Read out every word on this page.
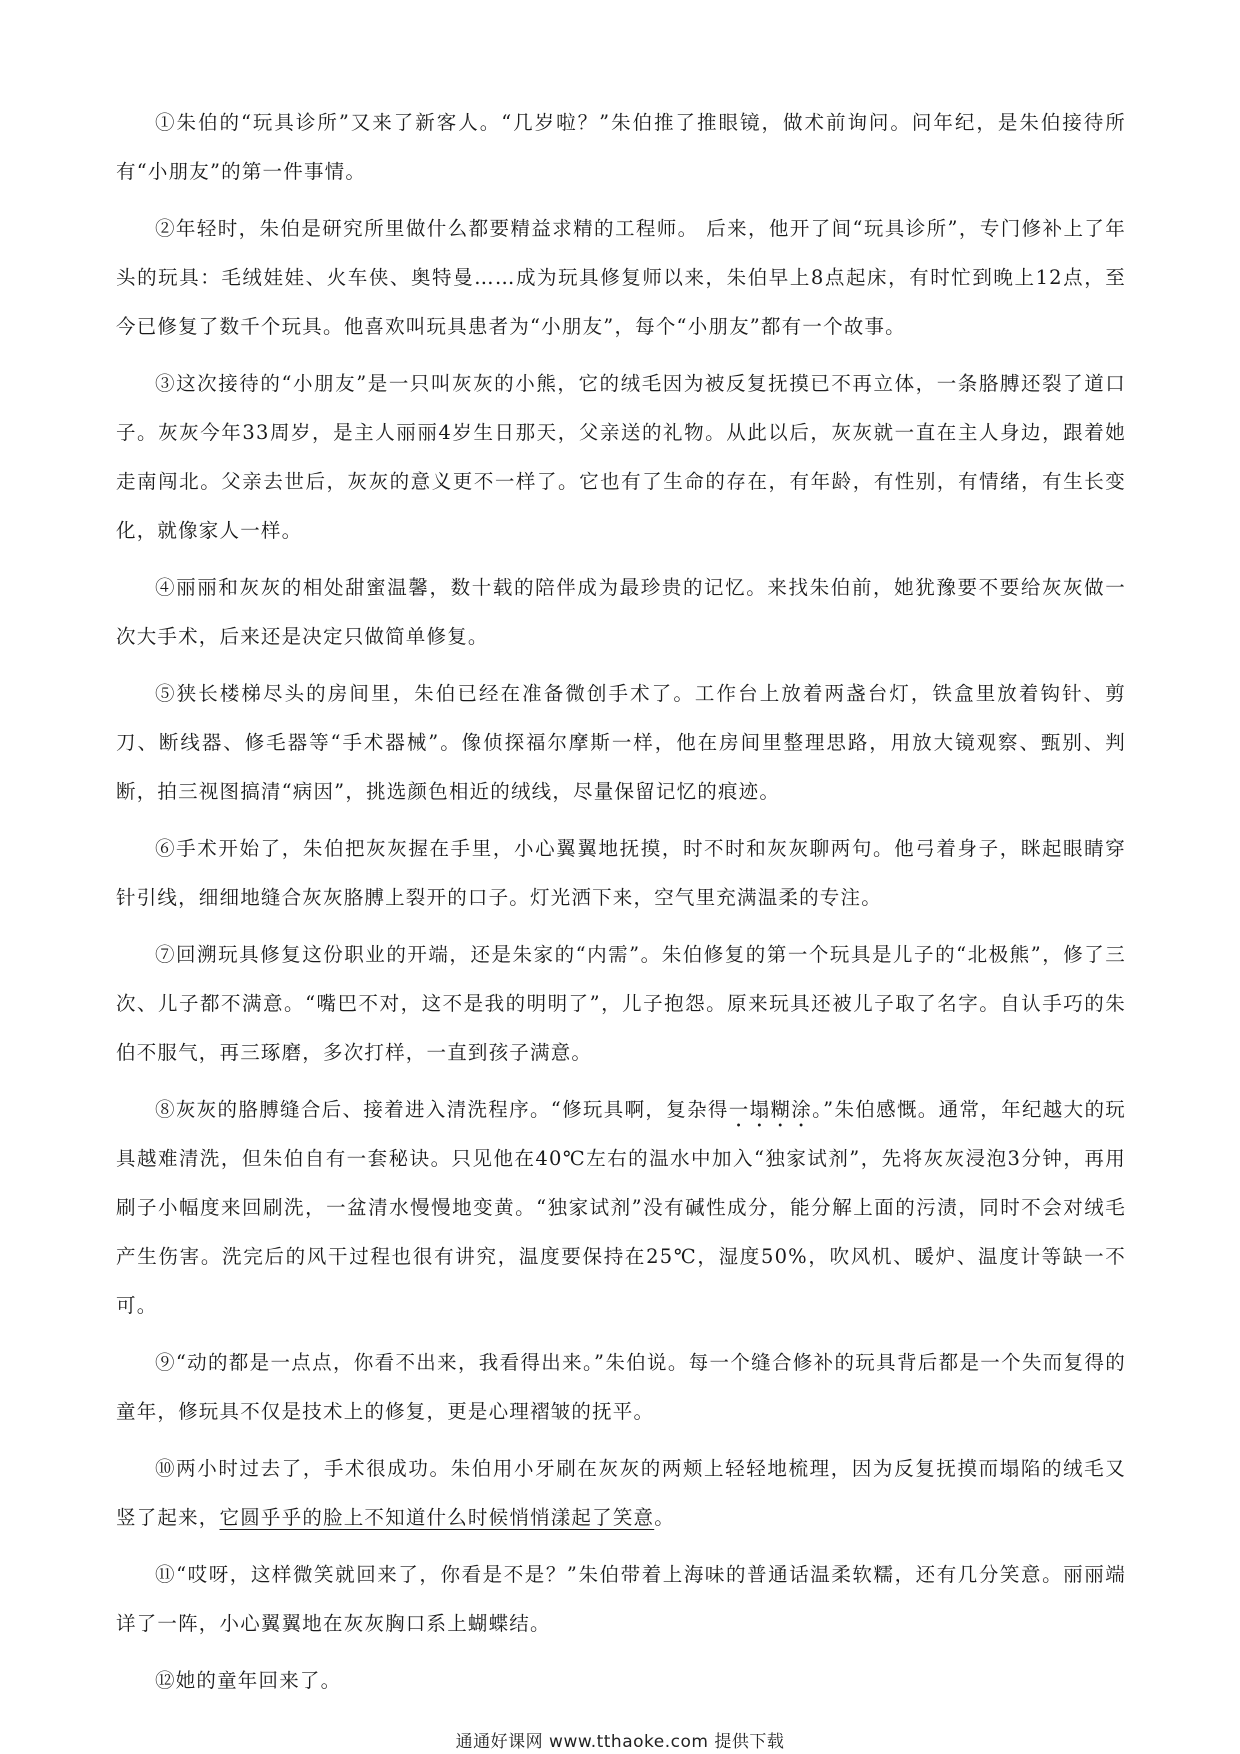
①朱伯的“玩具诊所”又来了新客人。“几岁啦？”朱伯推了推眼镜，做术前询问。问年纪，是朱伯接待所有“小朋友”的第一件事情。

②年轻时，朱伯是研究所里做什么都要精益求精的工程师。 后来，他开了间“玩具诊所”，专门修补上了年头的玩具：毛绒娃娃、火车侠、奥特曼……成为玩具修复师以来，朱伯早上8点起床，有时忙到晚上12点，至今已修复了数千个玩具。他喜欢叫玩具患者为“小朋友”，每个“小朋友”都有一个故事。

③这次接待的“小朋友”是一只叫灰灰的小熊，它的绒毛因为被反复抚摸已不再立体，一条胳膊还裂了道口子。灰灰今年33周岁，是主人丽丽4岁生日那天，父亲送的礼物。从此以后，灰灰就一直在主人身边，跟着她走南闯北。父亲去世后，灰灰的意义更不一样了。它也有了生命的存在，有年龄，有性别，有情绪，有生长变化，就像家人一样。

④丽丽和灰灰的相处甜蜜温馨，数十载的陪伴成为最珍贵的记忆。来找朱伯前，她犹豫要不要给灰灰做一次大手术，后来还是决定只做简单修复。

⑤狭长楼梯尽头的房间里，朱伯已经在准备微创手术了。工作台上放着两盏台灯，铁盒里放着钩针、剪刀、断线器、修毛器等“手术器械”。像侦探福尔摩斯一样，他在房间里整理思路，用放大镜观察、甄别、判断，拍三视图搞清“病因”，挑选颜色相近的绒线，尽量保留记忆的痕迹。

⑥手术开始了，朱伯把灰灰握在手里，小心翼翼地抚摸，时不时和灰灰聊两句。他弓着身子，眯起眼睛穿针引线，细细地缝合灰灰胳膊上裂开的口子。灯光洒下来，空气里充满温柔的专注。

⑦回溯玩具修复这份职业的开端，还是朱家的“内需”。朱伯修复的第一个玩具是儿子的“北极熊”，修了三次、儿子都不满意。“嘴巴不对，这不是我的明明了”，儿子抱怨。原来玩具还被儿子取了名字。自认手巧的朱伯不服气，再三琢磨，多次打样，一直到孩子满意。

⑧灰灰的胳膊缝合后、接着进入清洗程序。“修玩具啊，复杂得一塌糊涂。”朱伯感慨。通常，年纪越大的玩具越难清洗，但朱伯自有一套秘诀。只见他在40℃左右的温水中加入“独家试剂”，先将灰灰浸泡3分钟，再用刷子小幅度来回刷洗，一盆清水慢慢地变黄。“独家试剂”没有碱性成分，能分解上面的污渍，同时不会对绒毛产生伤害。洗完后的风干过程也很有讲究，温度要保持在25℃，湿度50%，吹风机、暖炉、温度计等缺一不可。

⑨“动的都是一点点，你看不出来，我看得出来。”朱伯说。每一个缝合修补的玩具背后都是一个失而复得的童年，修玩具不仅是技术上的修复，更是心理褶皱的抚平。

⑩两小时过去了，手术很成功。朱伯用小牙刷在灰灰的两颊上轻轻地梳理，因为反复抚摸而塌陷的绒毛又竖了起来，它圆乎乎的脸上不知道什么时候悄悄漾起了笑意。

⑪“哎呀，这样微笑就回来了，你看是不是？”朱伯带着上海味的普通话温柔软糯，还有几分笑意。丽丽端详了一阵，小心翼翼地在灰灰胸口系上蝴蝶结。

⑫她的童年回来了。

通通好课网 www.tthaoke.com 提供下载
